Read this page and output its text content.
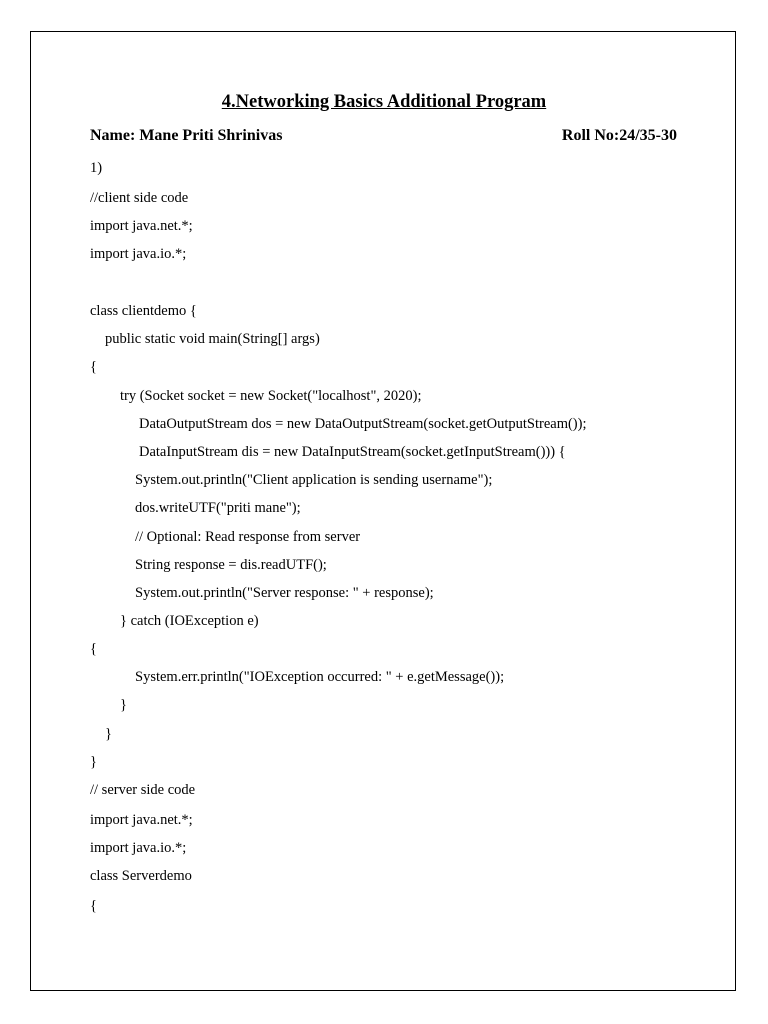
4.Networking Basics Additional Program
Name: Mane Priti Shrinivas	Roll No:24/35-30
1)
//client side code
import java.net.*;
import java.io.*;
class clientdemo {
public static void main(String[] args)
{
try (Socket socket = new Socket("localhost", 2020);
DataOutputStream dos = new DataOutputStream(socket.getOutputStream());
DataInputStream dis = new DataInputStream(socket.getInputStream())) {
System.out.println("Client application is sending username");
dos.writeUTF("priti mane");
// Optional: Read response from server
String response = dis.readUTF();
System.out.println("Server response: " + response);
} catch (IOException e)
{
System.err.println("IOException occurred: " + e.getMessage());
}
}
}
// server side code
import java.net.*;
import java.io.*;
class Serverdemo
{
